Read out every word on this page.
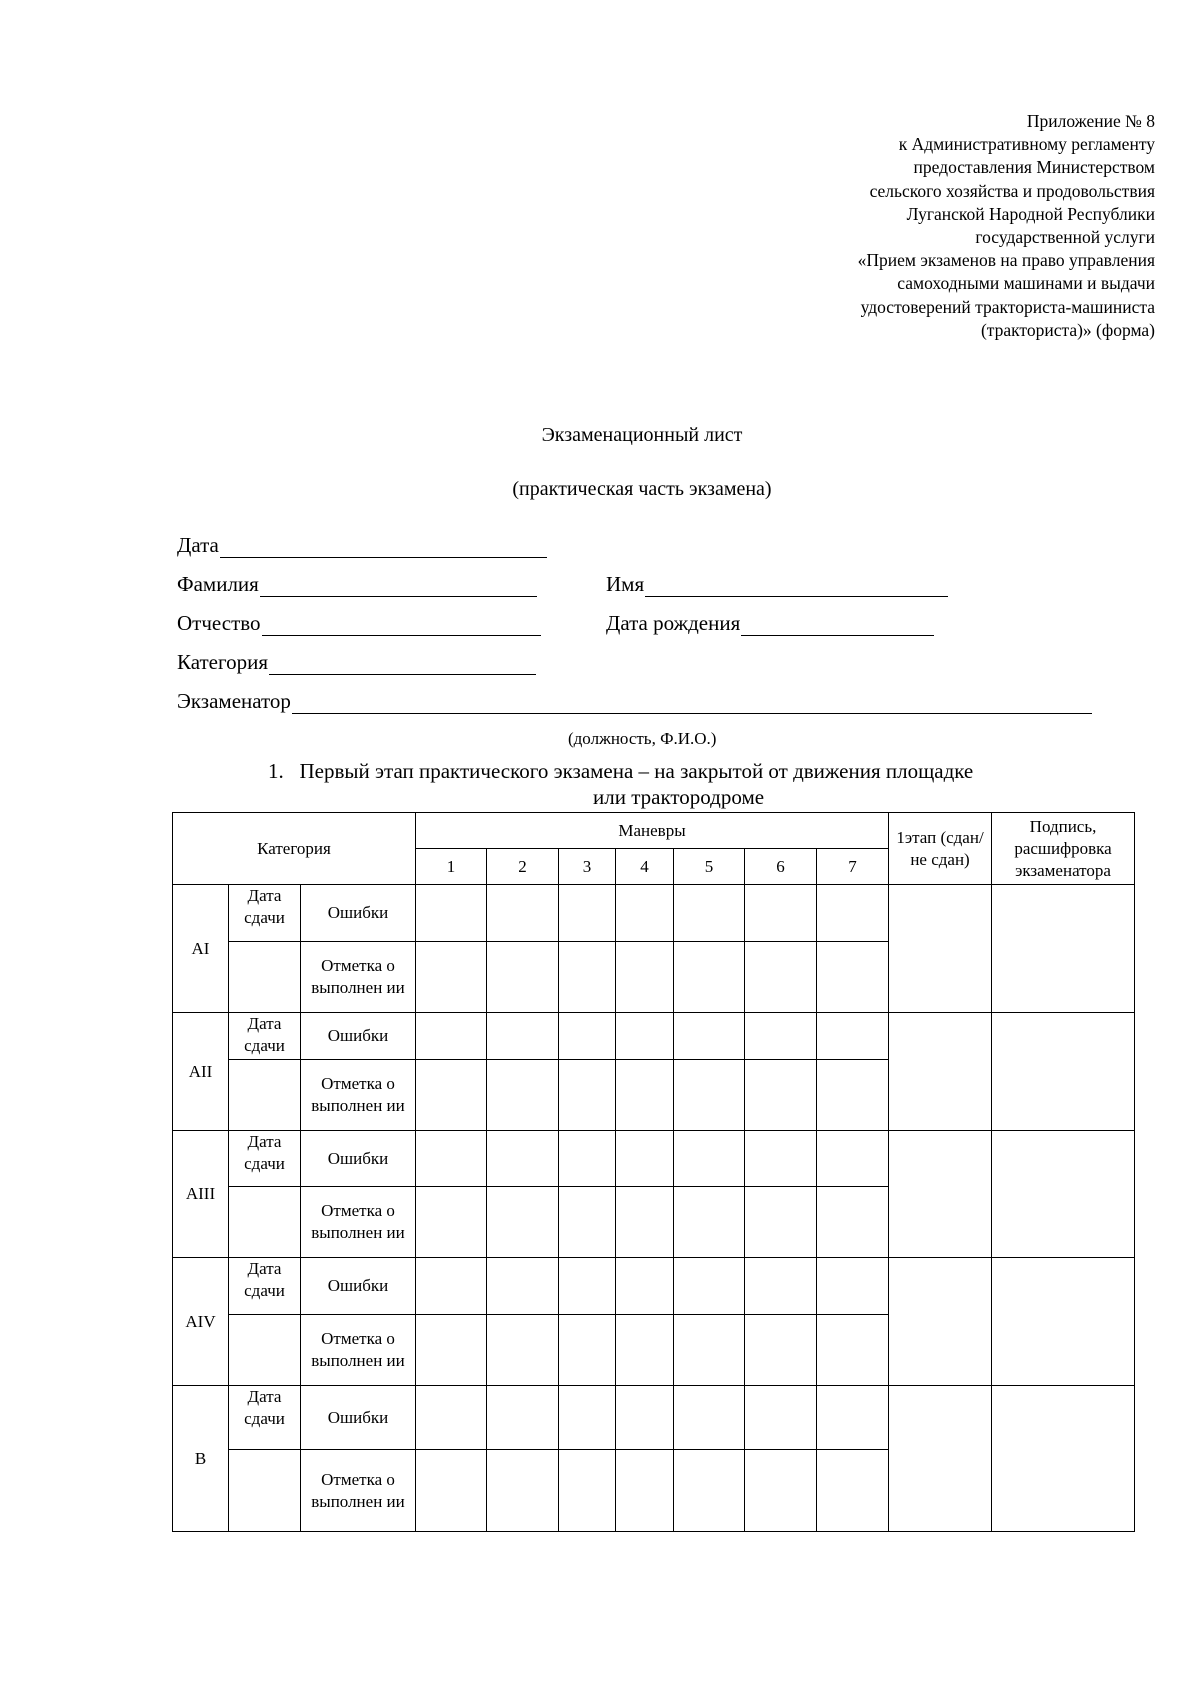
Приложение № 8
к Административному регламенту
предоставления Министерством
сельского хозяйства и продовольствия
Луганской Народной Республики
государственной услуги
«Прием экзаменов на право управления
самоходными машинами и выдачи
удостоверений тракториста-машиниста
(тракториста)» (форма)
Экзаменационный лист
(практическая часть экзамена)
Дата
Фамилия	Имя
Отчество	Дата рождения
Категория
Экзаменатор
(должность, Ф.И.О.)
1. Первый этап практического экзамена – на закрытой от движения площадке
или трактородроме
Категория			Маневры							1этап (сдан/не сдан)	Подпись, расшифровка экзаменатора
			1	2	3	4	5	6	7		
AI	Дата сдачи	Ошибки									
		Отметка о выполнен ии									
AII	Дата сдачи	Ошибки									
		Отметка о выполнен ии									
AIII	Дата сдачи	Ошибки									
		Отметка о выполнен ии									
AIV	Дата сдачи	Ошибки									
		Отметка о выполнен ии									
B	Дата сдачи	Ошибки									
		Отметка о выполнен ии									
